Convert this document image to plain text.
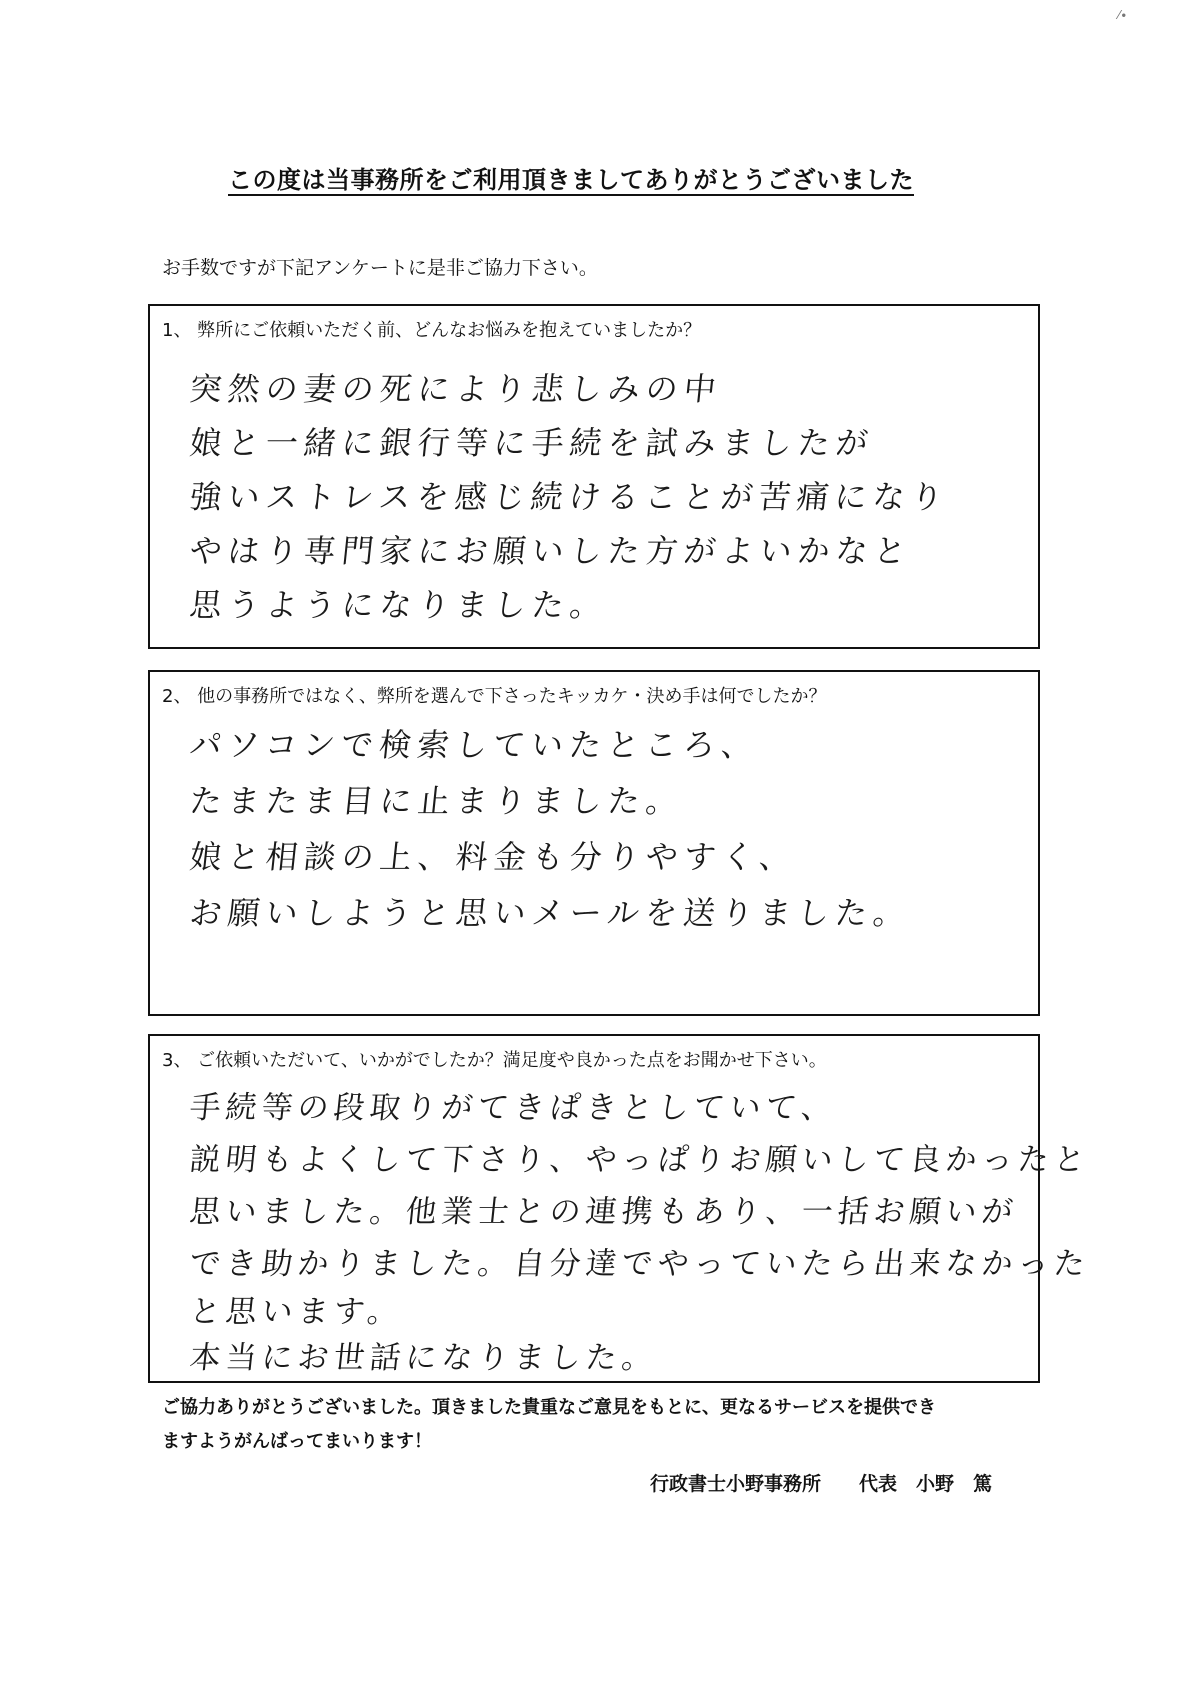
⁄∙
この度は当事務所をご利用頂きましてありがとうございました
お手数ですが下記アンケートに是非ご協力下さい。
1、 弊所にご依頼いただく前、どんなお悩みを抱えていましたか？
突然の妻の死により悲しみの中
娘と一緒に銀行等に手続を試みましたが
強いストレスを感じ続けることが苦痛になり
やはり専門家にお願いした方がよいかなと
思うようになりました。
2、 他の事務所ではなく、弊所を選んで下さったキッカケ・決め手は何でしたか？
パソコンで検索していたところ、
たまたま目に止まりました。
娘と相談の上、料金も分りやすく、
お願いしようと思いメールを送りました。
3、 ご依頼いただいて、いかがでしたか？満足度や良かった点をお聞かせ下さい。
手続等の段取りがてきぱきとしていて、
説明もよくして下さり、やっぱりお願いして良かったと
思いました。他業士との連携もあり、一括お願いが
でき助かりました。自分達でやっていたら出来なかった
と思います。
本当にお世話になりました。
ご協力ありがとうございました。頂きました貴重なご意見をもとに、更なるサービスを提供でき
ますようがんばってまいります！
行政書士小野事務所　　 代表　小野　篤
